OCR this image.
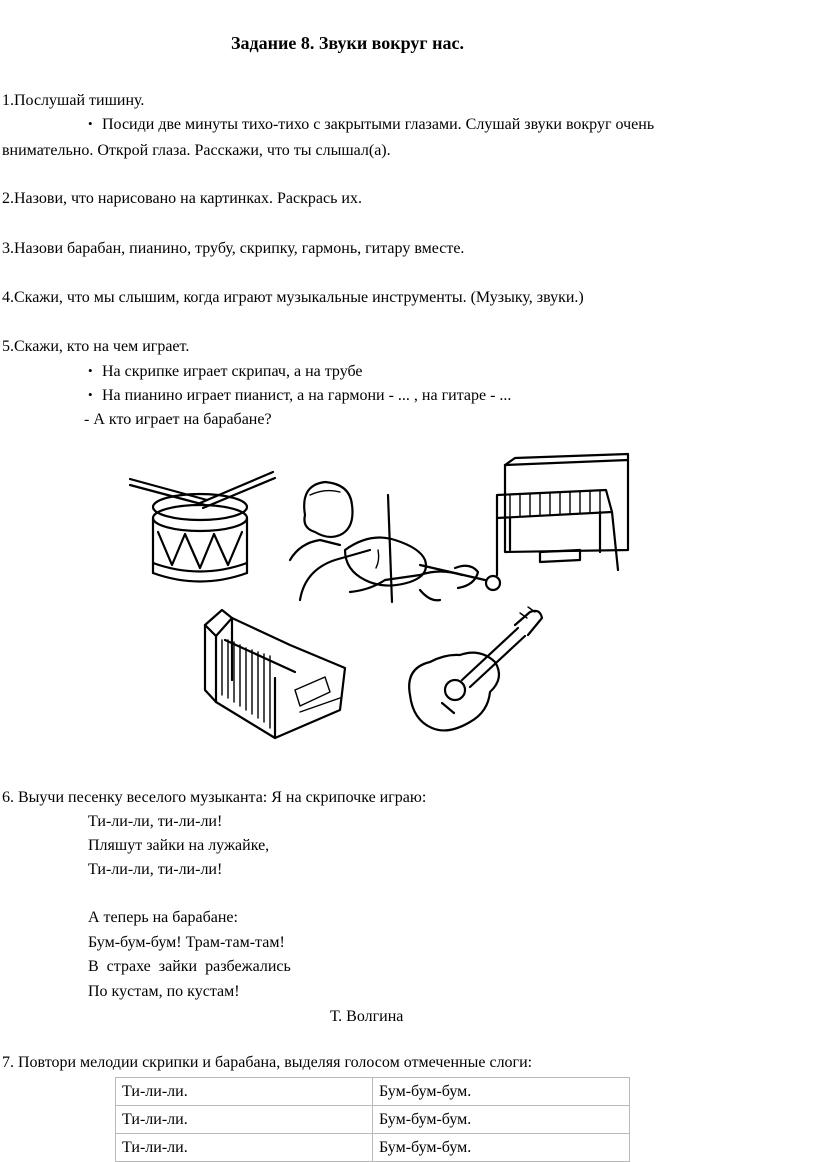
Задание 8. Звуки вокруг нас.
1.Послушай тишину.
• Посиди две минуты тихо-тихо с закрытыми глазами. Слушай звуки вокруг очень
внимательно. Открой глаза. Расскажи, что ты слышал(а).
2.Назови, что нарисовано на картинках. Раскрась их.
3.Назови барабан, пианино, трубу, скрипку, гармонь, гитару вместе.
4.Скажи, что мы слышим, когда играют музыкальные инструменты. (Музыку, звуки.)
5.Скажи, кто на чем играет.
• На скрипке играет скрипач, а на трубе
• На пианино играет пианист, а на гармони - ... , на гитаре - ...
- А кто играет на барабане?
6. Выучи песенку веселого музыканта: Я на скрипочке играю:
Ти-ли-ли, ти-ли-ли!
Пляшут зайки на лужайке,
Ти-ли-ли, ти-ли-ли!
А теперь на барабане:
Бум-бум-бум! Трам-там-там!
В  страхе  зайки  разбежались
По кустам, по кустам!
Т. Волгина
7. Повтори мелодии скрипки и барабана, выделяя голосом отмеченные слоги:
Ти-ли-ли.	Бум-бум-бум.
Ти-ли-ли.	Бум-бум-бум.
Ти-ли-ли.	Бум-бум-бум.
